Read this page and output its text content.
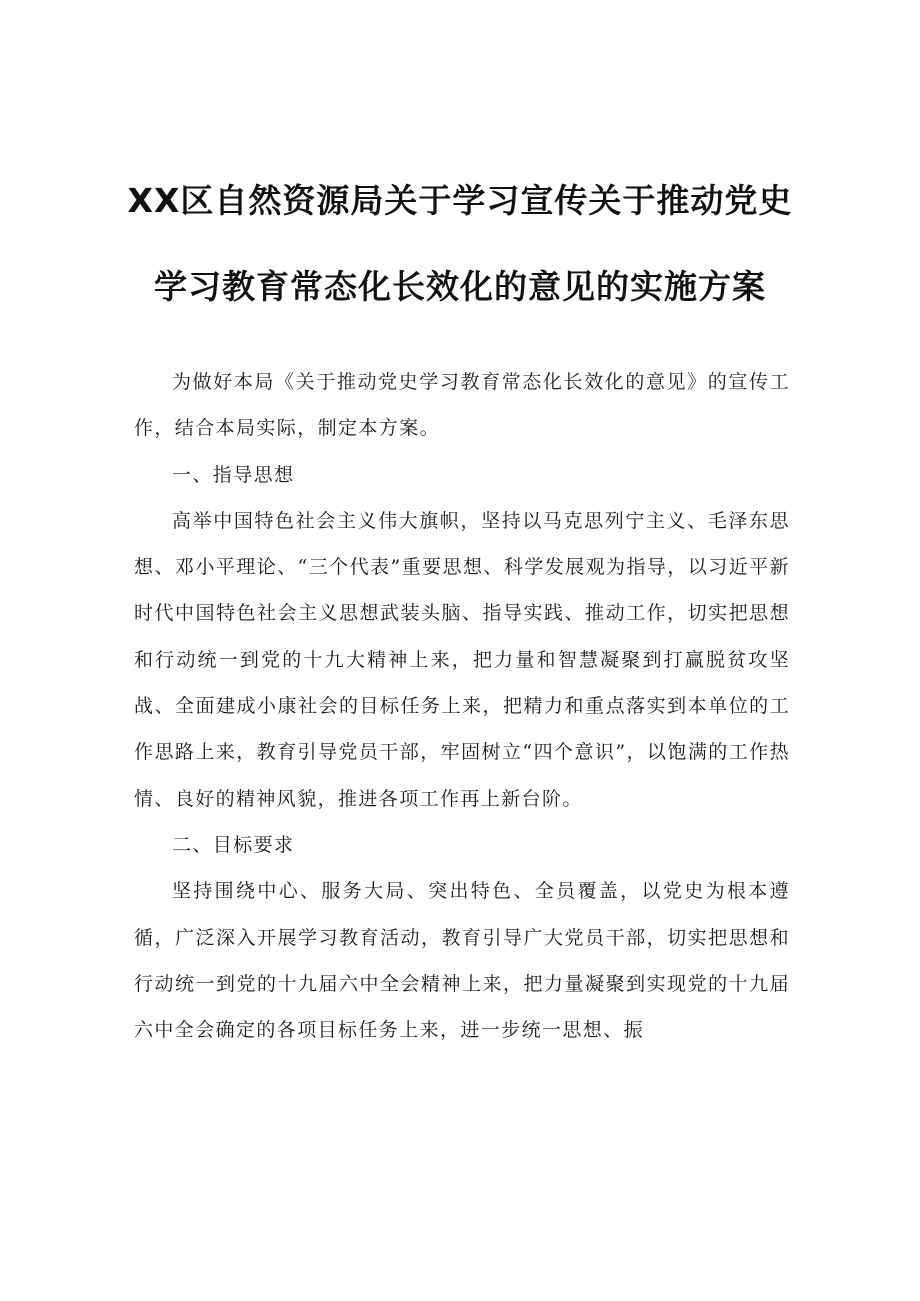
XX区自然资源局关于学习宣传关于推动党史
学习教育常态化长效化的意见的实施方案

为做好本局《关于推动党史学习教育常态化长效化的意见》的宣传工作，结合本局实际，制定本方案。

一、指导思想

高举中国特色社会主义伟大旗帜，坚持以马克思列宁主义、毛泽东思想、邓小平理论、“三个代表”重要思想、科学发展观为指导，以习近平新时代中国特色社会主义思想武装头脑、指导实践、推动工作，切实把思想和行动统一到党的十九大精神上来，把力量和智慧凝聚到打赢脱贫攻坚战、全面建成小康社会的目标任务上来，把精力和重点落实到本单位的工作思路上来，教育引导党员干部，牢固树立“四个意识”，以饱满的工作热情、良好的精神风貌，推进各项工作再上新台阶。

二、目标要求

坚持围绕中心、服务大局、突出特色、全员覆盖，以党史为根本遵循，广泛深入开展学习教育活动，教育引导广大党员干部，切实把思想和行动统一到党的十九届六中全会精神上来，把力量凝聚到实现党的十九届六中全会确定的各项目标任务上来，进一步统一思想、振
